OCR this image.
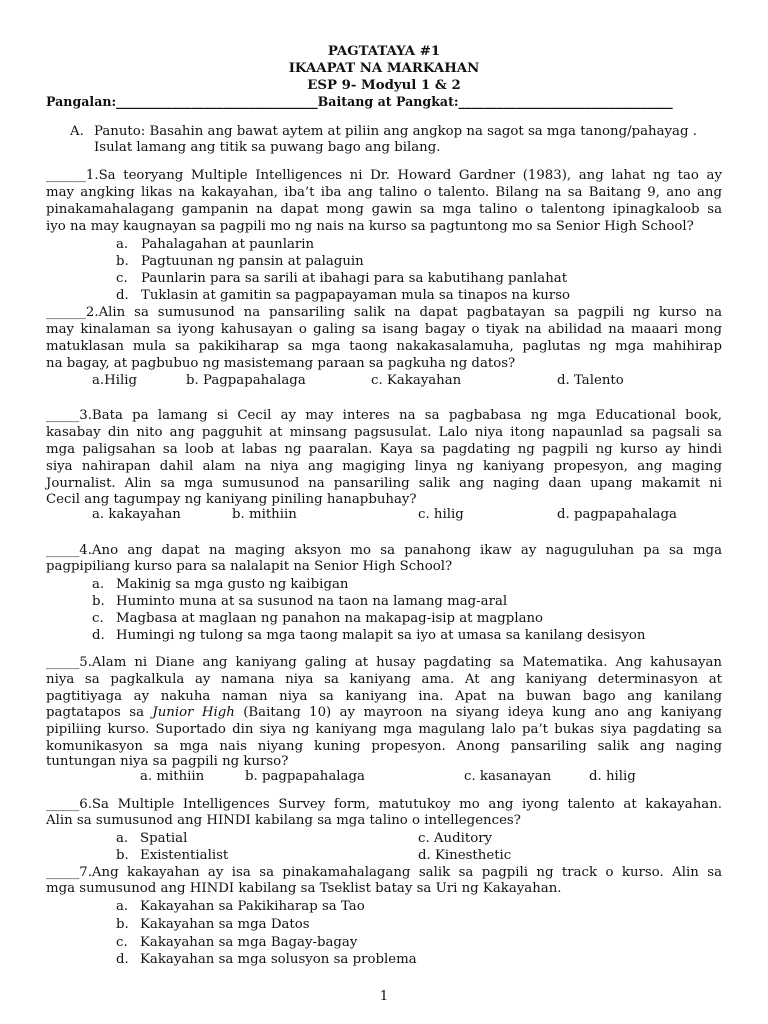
PAGTATAYA #1
IKAAPAT NA MARKAHAN
ESP 9- Modyul 1 & 2
Pangalan:________________________________Baitang at Pangkat:__________________________________
A. Panuto: Basahin ang bawat aytem at piliin ang angkop na sagot sa mga tanong/pahayag .
Isulat lamang ang titik sa puwang bago ang bilang.
______1.Sa teoryang Multiple Intelligences ni Dr. Howard Gardner (1983), ang lahat ng tao ay
may angking likas na kakayahan, iba’t iba ang talino o talento. Bilang na sa Baitang 9, ano ang
pinakamahalagang gampanin na dapat mong gawin sa mga talino o talentong ipinagkaloob sa
iyo na may kaugnayan sa pagpili mo ng nais na kurso sa pagtuntong mo sa Senior High School?
a. Pahalagahan at paunlarin
b. Pagtuunan ng pansin at palaguin
c. Paunlarin para sa sarili at ibahagi para sa kabutihang panlahat
d. Tuklasin at gamitin sa pagpapayaman mula sa tinapos na kurso
______2.Alin sa sumusunod na pansariling salik na dapat pagbatayan sa pagpili ng kurso na
may kinalaman sa iyong kahusayan o galing sa isang bagay o tiyak na abilidad na maaari mong
matuklasan mula sa pakikiharap sa mga taong nakakasalamuha, paglutas ng mga mahihirap
na bagay, at pagbubuo ng masistemang paraan sa pagkuha ng datos?
a.Hilig	b. Pagpapahalaga	c. Kakayahan	d. Talento
_____3.Bata pa lamang si Cecil ay may interes na sa pagbabasa ng mga Educational book,
kasabay din nito ang pagguhit at minsang pagsusulat. Lalo niya itong napaunlad sa pagsali sa
mga paligsahan sa loob at labas ng paaralan. Kaya sa pagdating ng pagpili ng kurso ay hindi
siya nahirapan dahil alam na niya ang magiging linya ng kaniyang propesyon, ang maging
Journalist. Alin sa mga sumusunod na pansariling salik ang naging daan upang makamit ni
Cecil ang tagumpay ng kaniyang piniling hanapbuhay?
a. kakayahan	b. mithiin	c. hilig	d. pagpapahalaga
_____4.Ano ang dapat na maging aksyon mo sa panahong ikaw ay naguguluhan pa sa mga
pagpipiliang kurso para sa nalalapit na Senior High School?
a. Makinig sa mga gusto ng kaibigan
b. Huminto muna at sa susunod na taon na lamang mag-aral
c. Magbasa at maglaan ng panahon na makapag-isip at magplano
d. Humingi ng tulong sa mga taong malapit sa iyo at umasa sa kanilang desisyon
_____5.Alam ni Diane ang kaniyang galing at husay pagdating sa Matematika. Ang kahusayan
niya sa pagkalkula ay namana niya sa kaniyang ama. At ang kaniyang determinasyon at
pagtitiyaga ay nakuha naman niya sa kaniyang ina. Apat na buwan bago ang kanilang
pagtatapos sa Junior High (Baitang 10) ay mayroon na siyang ideya kung ano ang kaniyang
pipiliing kurso. Suportado din siya ng kaniyang mga magulang lalo pa’t bukas siya pagdating sa
komunikasyon sa mga nais niyang kuning propesyon. Anong pansariling salik ang naging
tuntungan niya sa pagpili ng kurso?
a. mithiin	b. pagpapahalaga	c. kasanayan	d. hilig
_____6.Sa Multiple Intelligences Survey form, matutukoy mo ang iyong talento at kakayahan.
Alin sa sumusunod ang HINDI kabilang sa mga talino o intellegences?
a. Spatial
b. Existentialist
c. Auditory
d. Kinesthetic
_____7.Ang kakayahan ay isa sa pinakamahalagang salik sa pagpili ng track o kurso. Alin sa
mga sumusunod ang HINDI kabilang sa Tseklist batay sa Uri ng Kakayahan.
a. Kakayahan sa Pakikiharap sa Tao
b. Kakayahan sa mga Datos
c. Kakayahan sa mga Bagay-bagay
d. Kakayahan sa mga solusyon sa problema
1
